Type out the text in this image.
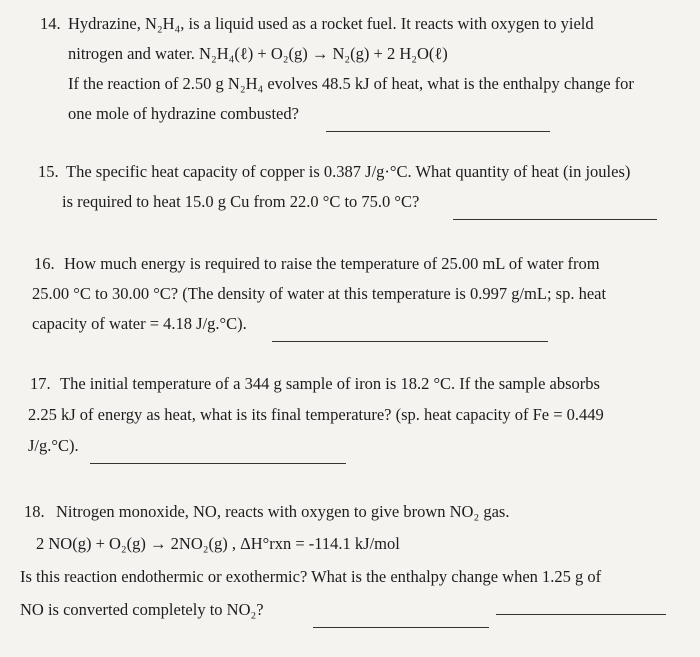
14. Hydrazine, N₂H₄, is a liquid used as a rocket fuel. It reacts with oxygen to yield
nitrogen and water. N₂H₄(ℓ) + O₂(g) → N₂(g) + 2 H₂O(ℓ)
If the reaction of 2.50 g N₂H₄ evolves 48.5 kJ of heat, what is the enthalpy change for
one mole of hydrazine combusted?
15. The specific heat capacity of copper is 0.387 J/g·°C. What quantity of heat (in joules)
is required to heat 15.0 g Cu from 22.0 °C to 75.0 °C?
16. How much energy is required to raise the temperature of 25.00 mL of water from
25.00 °C to 30.00 °C? (The density of water at this temperature is 0.997 g/mL; sp. heat
capacity of water = 4.18 J/g.°C).
17. The initial temperature of a 344 g sample of iron is 18.2 °C. If the sample absorbs
2.25 kJ of energy as heat, what is its final temperature? (sp. heat capacity of Fe = 0.449
J/g.°C).
18. Nitrogen monoxide, NO, reacts with oxygen to give brown NO₂ gas.
2 NO(g) + O₂(g) → 2NO₂(g) , ΔH°rxn = -114.1 kJ/mol
Is this reaction endothermic or exothermic? What is the enthalpy change when 1.25 g of
NO is converted completely to NO₂?
